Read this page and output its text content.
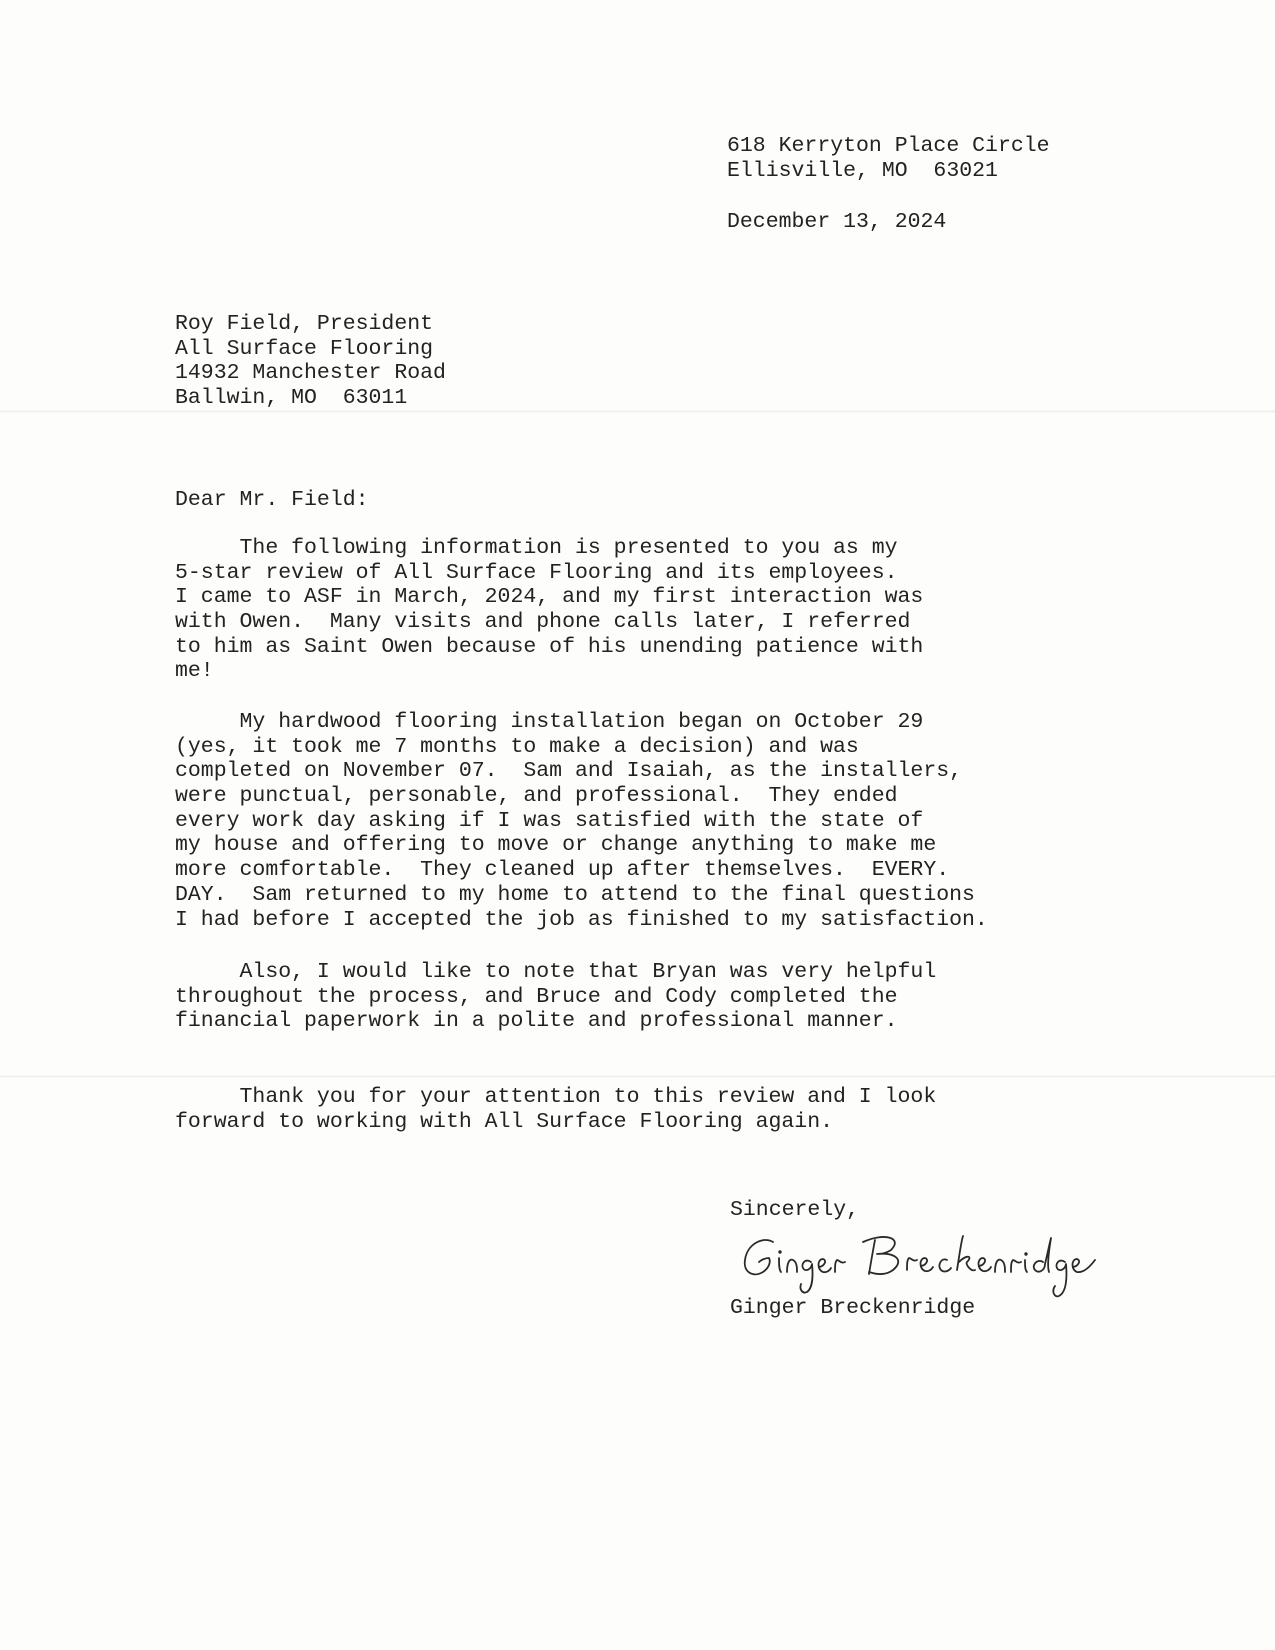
618 Kerryton Place Circle
Ellisville, MO  63021
December 13, 2024
Roy Field, President
All Surface Flooring
14932 Manchester Road
Ballwin, MO  63011
Dear Mr. Field:
The following information is presented to you as my
5-star review of All Surface Flooring and its employees.
I came to ASF in March, 2024, and my first interaction was
with Owen.  Many visits and phone calls later, I referred
to him as Saint Owen because of his unending patience with
me!
My hardwood flooring installation began on October 29
(yes, it took me 7 months to make a decision) and was
completed on November 07.  Sam and Isaiah, as the installers,
were punctual, personable, and professional.  They ended
every work day asking if I was satisfied with the state of
my house and offering to move or change anything to make me
more comfortable.  They cleaned up after themselves.  EVERY.
DAY.  Sam returned to my home to attend to the final questions
I had before I accepted the job as finished to my satisfaction.
Also, I would like to note that Bryan was very helpful
throughout the process, and Bruce and Cody completed the
financial paperwork in a polite and professional manner.
Thank you for your attention to this review and I look
forward to working with All Surface Flooring again.
Sincerely,
Ginger Breckenridge
